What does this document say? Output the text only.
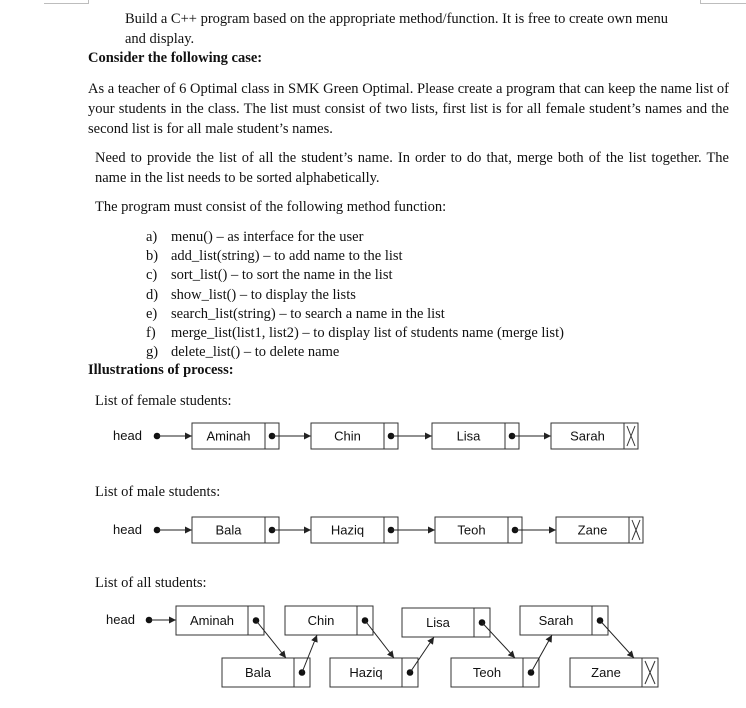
Build a C++ program based on the appropriate method/function. It is free to create own menu
and display.
Consider the following case:
As a teacher of 6 Optimal class in SMK Green Optimal. Please create a program that can keep the name list of your students in the class. The list must consist of two lists, first list is for all female student’s names and the second list is for all male student’s names.
Need to provide the list of all the student’s name. In order to do that, merge both of the list together. The name in the list needs to be sorted alphabetically.
The program must consist of the following method function:
a) menu() – as interface for the user
b) add_list(string) – to add name to the list
c) sort_list() – to sort the name in the list
d) show_list() – to display the lists
e) search_list(string) – to search a name in the list
f) merge_list(list1, list2) – to display list of students name (merge list)
g) delete_list() – to delete name
Illustrations of process:
List of female students:
List of male students:
List of all students:
head	Aminah	Chin	Lisa	Sarah
head	Bala	Haziq	Teoh	Zane
head	Aminah
Bala
Chin
Haziq
Lisa
Teoh
Sarah
Zane
